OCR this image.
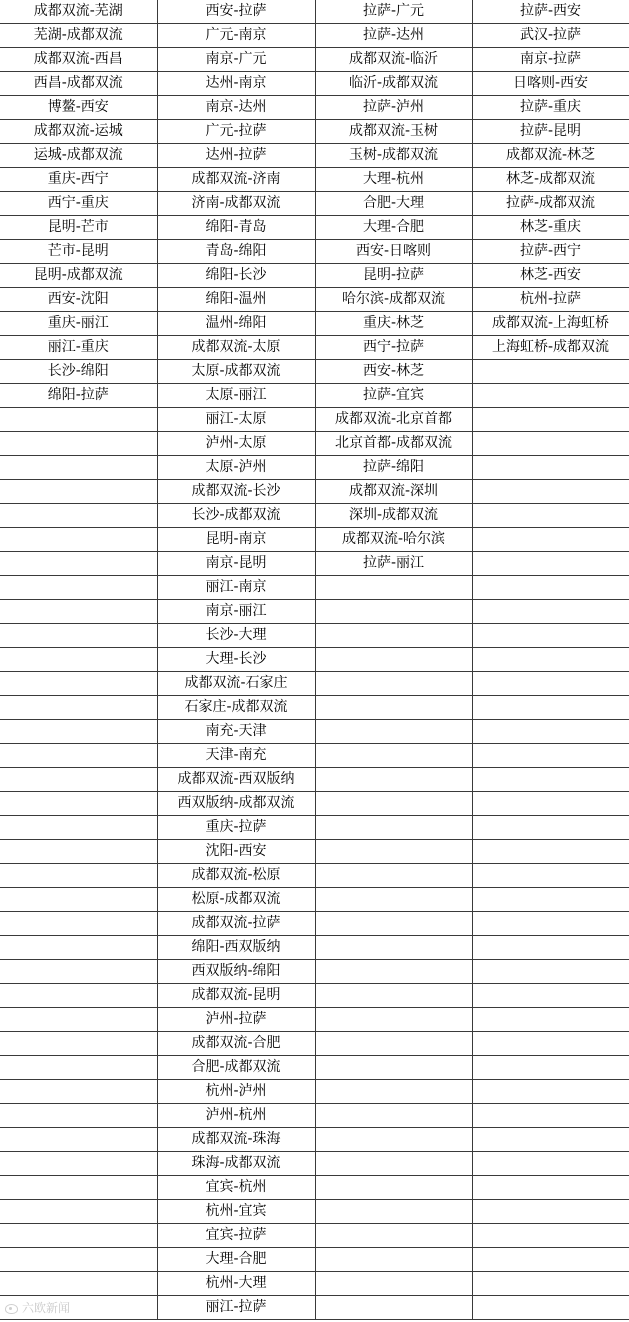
成都双流-芜湖	西安-拉萨	拉萨-广元	拉萨-西安
芜湖-成都双流	广元-南京	拉萨-达州	武汉-拉萨
成都双流-西昌	南京-广元	成都双流-临沂	南京-拉萨
西昌-成都双流	达州-南京	临沂-成都双流	日喀则-西安
博鳌-西安	南京-达州	拉萨-泸州	拉萨-重庆
成都双流-运城	广元-拉萨	成都双流-玉树	拉萨-昆明
运城-成都双流	达州-拉萨	玉树-成都双流	成都双流-林芝
重庆-西宁	成都双流-济南	大理-杭州	林芝-成都双流
西宁-重庆	济南-成都双流	合肥-大理	拉萨-成都双流
昆明-芒市	绵阳-青岛	大理-合肥	林芝-重庆
芒市-昆明	青岛-绵阳	西安-日喀则	拉萨-西宁
昆明-成都双流	绵阳-长沙	昆明-拉萨	林芝-西安
西安-沈阳	绵阳-温州	哈尔滨-成都双流	杭州-拉萨
重庆-丽江	温州-绵阳	重庆-林芝	成都双流-上海虹桥
丽江-重庆	成都双流-太原	西宁-拉萨	上海虹桥-成都双流
长沙-绵阳	太原-成都双流	西安-林芝	
绵阳-拉萨	太原-丽江	拉萨-宜宾	
	丽江-太原	成都双流-北京首都	
	泸州-太原	北京首都-成都双流	
	太原-泸州	拉萨-绵阳	
	成都双流-长沙	成都双流-深圳	
	长沙-成都双流	深圳-成都双流	
	昆明-南京	成都双流-哈尔滨	
	南京-昆明	拉萨-丽江	
	丽江-南京		
	南京-丽江		
	长沙-大理		
	大理-长沙		
	成都双流-石家庄		
	石家庄-成都双流		
	南充-天津		
	天津-南充		
	成都双流-西双版纳		
	西双版纳-成都双流		
	重庆-拉萨		
	沈阳-西安		
	成都双流-松原		
	松原-成都双流		
	成都双流-拉萨		
	绵阳-西双版纳		
	西双版纳-绵阳		
	成都双流-昆明		
	泸州-拉萨		
	成都双流-合肥		
	合肥-成都双流		
	杭州-泸州		
	泸州-杭州		
	成都双流-珠海		
	珠海-成都双流		
	宜宾-杭州		
	杭州-宜宾		
	宜宾-拉萨		
	大理-合肥		
	杭州-大理		
	丽江-拉萨		
六欧新闻
